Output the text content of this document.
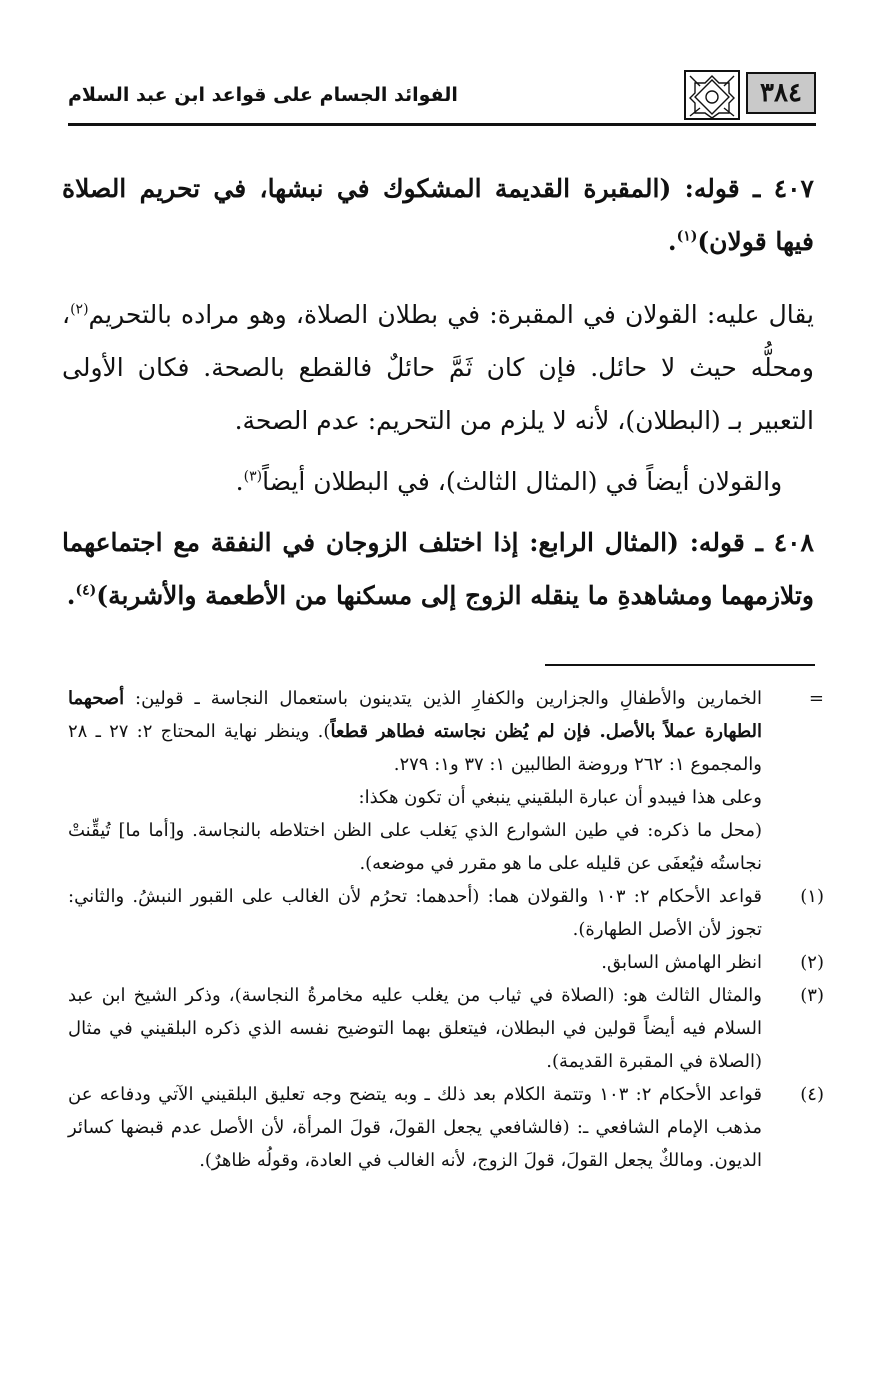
٣٨٤
الفوائد الجسام على قواعد ابن عبد السلام

٤٠٧ ـ قوله: (المقبرة القديمة المشكوك في نبشها، في تحريم الصلاة فيها قولان)$^{(١)}$.

يقال عليه: القولان في المقبرة: في بطلان الصلاة، وهو مراده بالتحريم$^{(٢)}$، ومحلُّه حيث لا حائل. فإن كان ثَمَّ حائلٌ فالقطع بالصحة. فكان الأولى التعبير بـ (البطلان)، لأنه لا يلزم من التحريم: عدم الصحة.

والقولان أيضاً في (المثال الثالث)، في البطلان أيضاً$^{(٣)}$.

٤٠٨ ـ قوله: (المثال الرابع: إذا اختلف الزوجان في النفقة مع اجتماعهما وتلازمهما ومشاهدةِ ما ينقله الزوج إلى مسكنها من الأطعمة والأشربة)$^{(٤)}$.

=
الخمارين والأطفالِ والجزارين والكفارِ الذين يتدينون باستعمال النجاسة ـ قولين: أصحهما الطهارة عملاً بالأصل. فإن لم يُظن نجاسته فطاهر قطعاً). وينظر نهاية المحتاج ٢: ٢٧ ـ ٢٨ والمجموع ١: ٢٦٢ وروضة الطالبين ١: ٣٧ و١: ٢٧٩.

وعلى هذا فيبدو أن عبارة البلقيني ينبغي أن تكون هكذا:

(محل ما ذكره: في طين الشوارع الذي يَغلب على الظن اختلاطه بالنجاسة. و[أما ما] تُيقِّنتْ نجاستُه فيُعفَى عن قليله على ما هو مقرر في موضعه).

(١)
قواعد الأحكام ٢: ١٠٣ والقولان هما: (أحدهما: تحرُم لأن الغالب على القبور النبشُ. والثاني: تجوز لأن الأصل الطهارة).
(٢)
انظر الهامش السابق.
(٣)
والمثال الثالث هو: (الصلاة في ثياب من يغلب عليه مخامرةُ النجاسة)، وذكر الشيخ ابن عبد السلام فيه أيضاً قولين في البطلان، فيتعلق بهما التوضيح نفسه الذي ذكره البلقيني في مثال (الصلاة في المقبرة القديمة).
(٤)
قواعد الأحكام ٢: ١٠٣ وتتمة الكلام بعد ذلك ـ وبه يتضح وجه تعليق البلقيني الآتي ودفاعه عن مذهب الإمام الشافعي ـ: (فالشافعي يجعل القولَ، قولَ المرأة، لأن الأصل عدم قبضها كسائر الديون. ومالكٌ يجعل القولَ، قولَ الزوج، لأنه الغالب في العادة، وقولُه ظاهرٌ).
